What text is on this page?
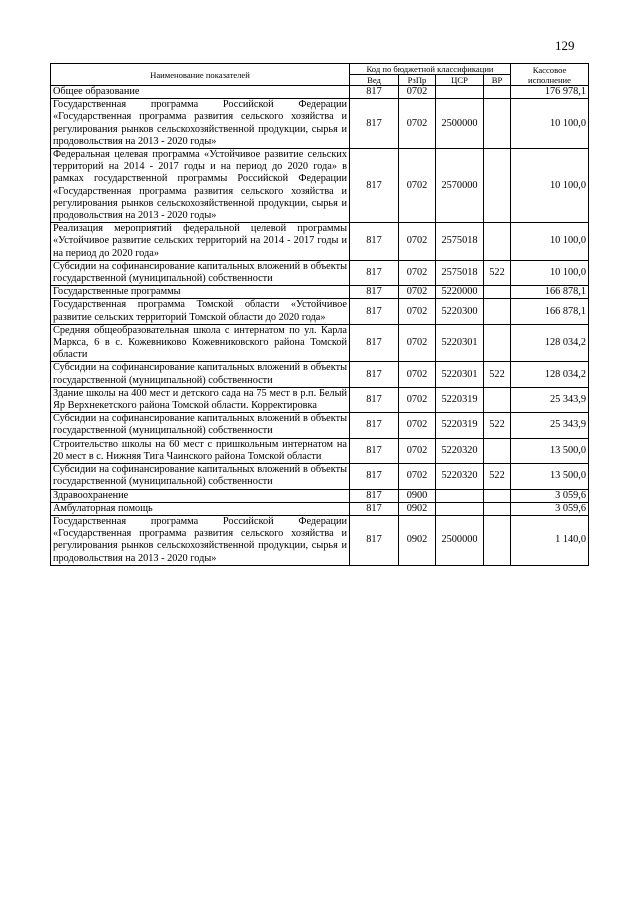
129
Наименование показателей	Код по бюджетной классификации				Кассовое исполнение
	Вед	РзПр	ЦСР	ВР	
Общее образование	817	0702			176 978,1
Государственная программа Российской Федерации «Государственная программа развития сельского хозяйства и регулирования рынков сельскохозяйственной продукции, сырья и продовольствия на 2013 - 2020 годы»	817	0702	2500000		10 100,0
Федеральная целевая программа «Устойчивое развитие сельских территорий на 2014 - 2017 годы и на период до 2020 года» в рамках государственной программы Российской Федерации «Государственная программа развития сельского хозяйства и регулирования рынков сельскохозяйственной продукции, сырья и продовольствия на 2013 - 2020 годы»	817	0702	2570000		10 100,0
Реализация мероприятий федеральной целевой программы «Устойчивое развитие сельских территорий на 2014 - 2017 годы и на период до 2020 года»	817	0702	2575018		10 100,0
Субсидии на софинансирование капитальных вложений в объекты государственной (муниципальной) собственности	817	0702	2575018	522	10 100,0
Государственные программы	817	0702	5220000		166 878,1
Государственная программа Томской области «Устойчивое развитие сельских территорий Томской области до 2020 года»	817	0702	5220300		166 878,1
Средняя общеобразовательная школа с интернатом по ул. Карла Маркса, 6 в с. Кожевниково Кожевниковского района Томской области	817	0702	5220301		128 034,2
Субсидии на софинансирование капитальных вложений в объекты государственной (муниципальной) собственности	817	0702	5220301	522	128 034,2
Здание школы на 400 мест и детского сада на 75 мест в р.п. Белый Яр Верхнекетского района Томской области. Корректировка	817	0702	5220319		25 343,9
Субсидии на софинансирование капитальных вложений в объекты государственной (муниципальной) собственности	817	0702	5220319	522	25 343,9
Строительство школы на 60 мест с пришкольным интернатом на 20 мест в с. Нижняя Тига Чаинского района Томской области	817	0702	5220320		13 500,0
Субсидии на софинансирование капитальных вложений в объекты государственной (муниципальной) собственности	817	0702	5220320	522	13 500,0
Здравоохранение	817	0900			3 059,6
Амбулаторная помощь	817	0902			3 059,6
Государственная программа Российской Федерации «Государственная программа развития сельского хозяйства и регулирования рынков сельскохозяйственной продукции, сырья и продовольствия на 2013 - 2020 годы»	817	0902	2500000		1 140,0
